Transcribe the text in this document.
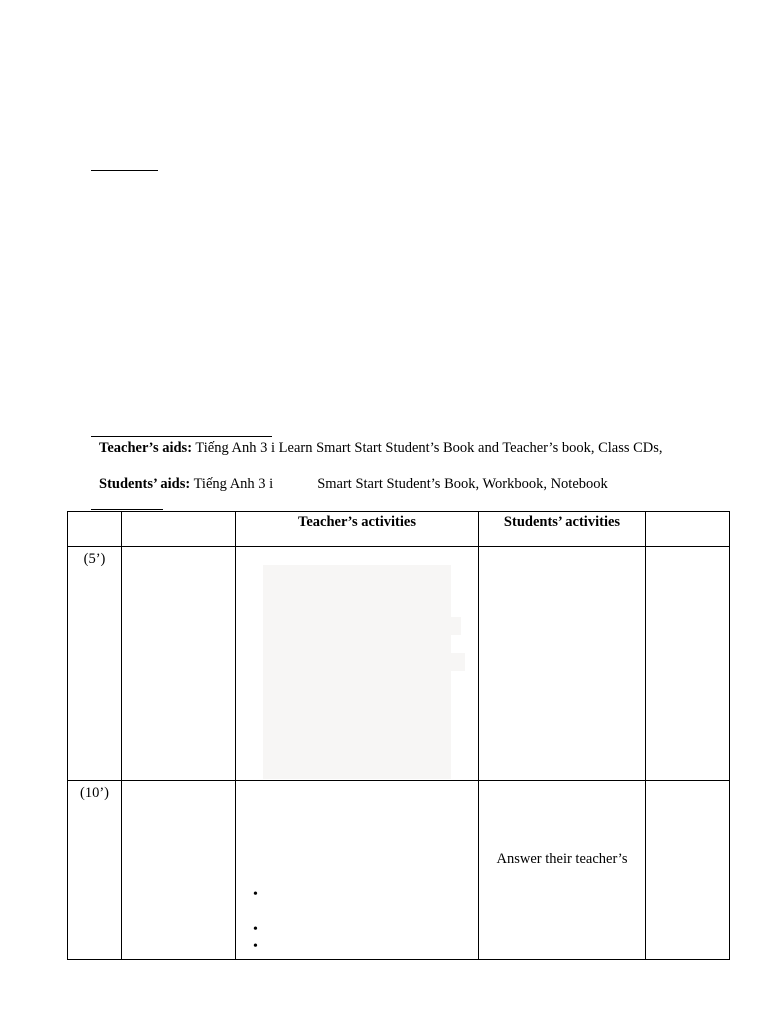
Teacher’s aids: Tiếng Anh 3 i Learn Smart Start Student’s Book and Teacher’s book, Class CDs,
Students’ aids: Tiếng Anh 3 i	Smart Start Student’s Book, Workbook, Notebook
		Teacher’s activities	Students’ activities	

(5’)				

(10’)		•
•
•	Answer their teacher’s	
